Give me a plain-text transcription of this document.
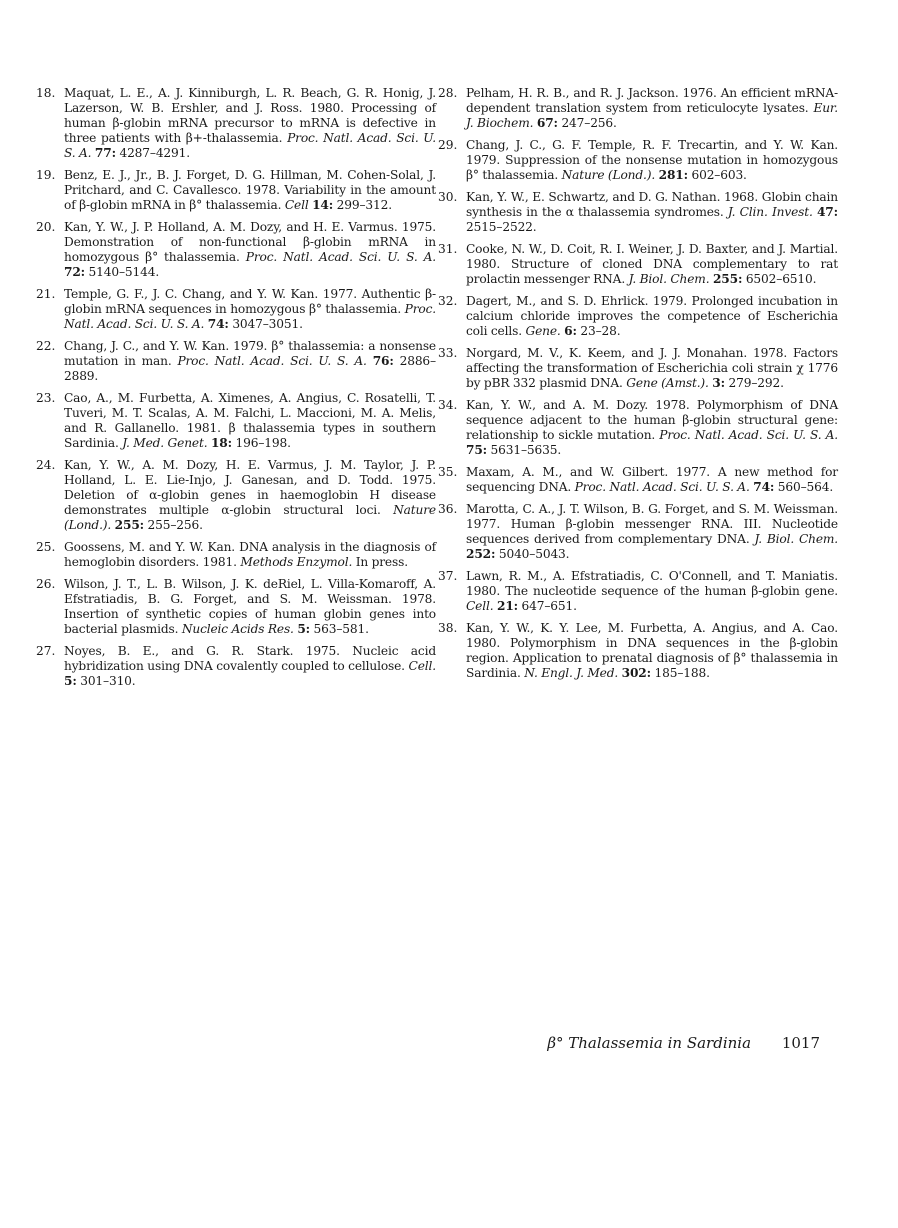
18. Maquat, L. E., A. J. Kinniburgh, L. R. Beach, G. R. Honig, J. Lazerson, W. B. Ershler, and J. Ross. 1980. Processing of human β-globin mRNA precursor to mRNA is defective in three patients with β+-thalassemia. Proc. Natl. Acad. Sci. U. S. A. 77: 4287–4291.
19. Benz, E. J., Jr., B. J. Forget, D. G. Hillman, M. Cohen-Solal, J. Pritchard, and C. Cavallesco. 1978. Variability in the amount of β-globin mRNA in β° thalassemia. Cell 14: 299–312.
20. Kan, Y. W., J. P. Holland, A. M. Dozy, and H. E. Varmus. 1975. Demonstration of non-functional β-globin mRNA in homozygous β° thalassemia. Proc. Natl. Acad. Sci. U. S. A. 72: 5140–5144.
21. Temple, G. F., J. C. Chang, and Y. W. Kan. 1977. Authentic β-globin mRNA sequences in homozygous β° thalassemia. Proc. Natl. Acad. Sci. U. S. A. 74: 3047–3051.
22. Chang, J. C., and Y. W. Kan. 1979. β° thalassemia: a nonsense mutation in man. Proc. Natl. Acad. Sci. U. S. A. 76: 2886–2889.
23. Cao, A., M. Furbetta, A. Ximenes, A. Angius, C. Rosatelli, T. Tuveri, M. T. Scalas, A. M. Falchi, L. Maccioni, M. A. Melis, and R. Gallanello. 1981. β thalassemia types in southern Sardinia. J. Med. Genet. 18: 196–198.
24. Kan, Y. W., A. M. Dozy, H. E. Varmus, J. M. Taylor, J. P. Holland, L. E. Lie-Injo, J. Ganesan, and D. Todd. 1975. Deletion of α-globin genes in haemoglobin H disease demonstrates multiple α-globin structural loci. Nature (Lond.). 255: 255–256.
25. Goossens, M. and Y. W. Kan. DNA analysis in the diagnosis of hemoglobin disorders. 1981. Methods Enzymol. In press.
26. Wilson, J. T., L. B. Wilson, J. K. deRiel, L. Villa-Komaroff, A. Efstratiadis, B. G. Forget, and S. M. Weissman. 1978. Insertion of synthetic copies of human globin genes into bacterial plasmids. Nucleic Acids Res. 5: 563–581.
27. Noyes, B. E., and G. R. Stark. 1975. Nucleic acid hybridization using DNA covalently coupled to cellulose. Cell. 5: 301–310.
28. Pelham, H. R. B., and R. J. Jackson. 1976. An efficient mRNA-dependent translation system from reticulocyte lysates. Eur. J. Biochem. 67: 247–256.
29. Chang, J. C., G. F. Temple, R. F. Trecartin, and Y. W. Kan. 1979. Suppression of the nonsense mutation in homozygous β° thalassemia. Nature (Lond.). 281: 602–603.
30. Kan, Y. W., E. Schwartz, and D. G. Nathan. 1968. Globin chain synthesis in the α thalassemia syndromes. J. Clin. Invest. 47: 2515–2522.
31. Cooke, N. W., D. Coit, R. I. Weiner, J. D. Baxter, and J. Martial. 1980. Structure of cloned DNA complementary to rat prolactin messenger RNA. J. Biol. Chem. 255: 6502–6510.
32. Dagert, M., and S. D. Ehrlick. 1979. Prolonged incubation in calcium chloride improves the competence of Escherichia coli cells. Gene. 6: 23–28.
33. Norgard, M. V., K. Keem, and J. J. Monahan. 1978. Factors affecting the transformation of Escherichia coli strain χ 1776 by pBR 332 plasmid DNA. Gene (Amst.). 3: 279–292.
34. Kan, Y. W., and A. M. Dozy. 1978. Polymorphism of DNA sequence adjacent to the human β-globin structural gene: relationship to sickle mutation. Proc. Natl. Acad. Sci. U. S. A. 75: 5631–5635.
35. Maxam, A. M., and W. Gilbert. 1977. A new method for sequencing DNA. Proc. Natl. Acad. Sci. U. S. A. 74: 560–564.
36. Marotta, C. A., J. T. Wilson, B. G. Forget, and S. M. Weissman. 1977. Human β-globin messenger RNA. III. Nucleotide sequences derived from complementary DNA. J. Biol. Chem. 252: 5040–5043.
37. Lawn, R. M., A. Efstratiadis, C. O'Connell, and T. Maniatis. 1980. The nucleotide sequence of the human β-globin gene. Cell. 21: 647–651.
38. Kan, Y. W., K. Y. Lee, M. Furbetta, A. Angius, and A. Cao. 1980. Polymorphism in DNA sequences in the β-globin region. Application to prenatal diagnosis of β° thalassemia in Sardinia. N. Engl. J. Med. 302: 185–188.
β° Thalassemia in Sardinia 1017
